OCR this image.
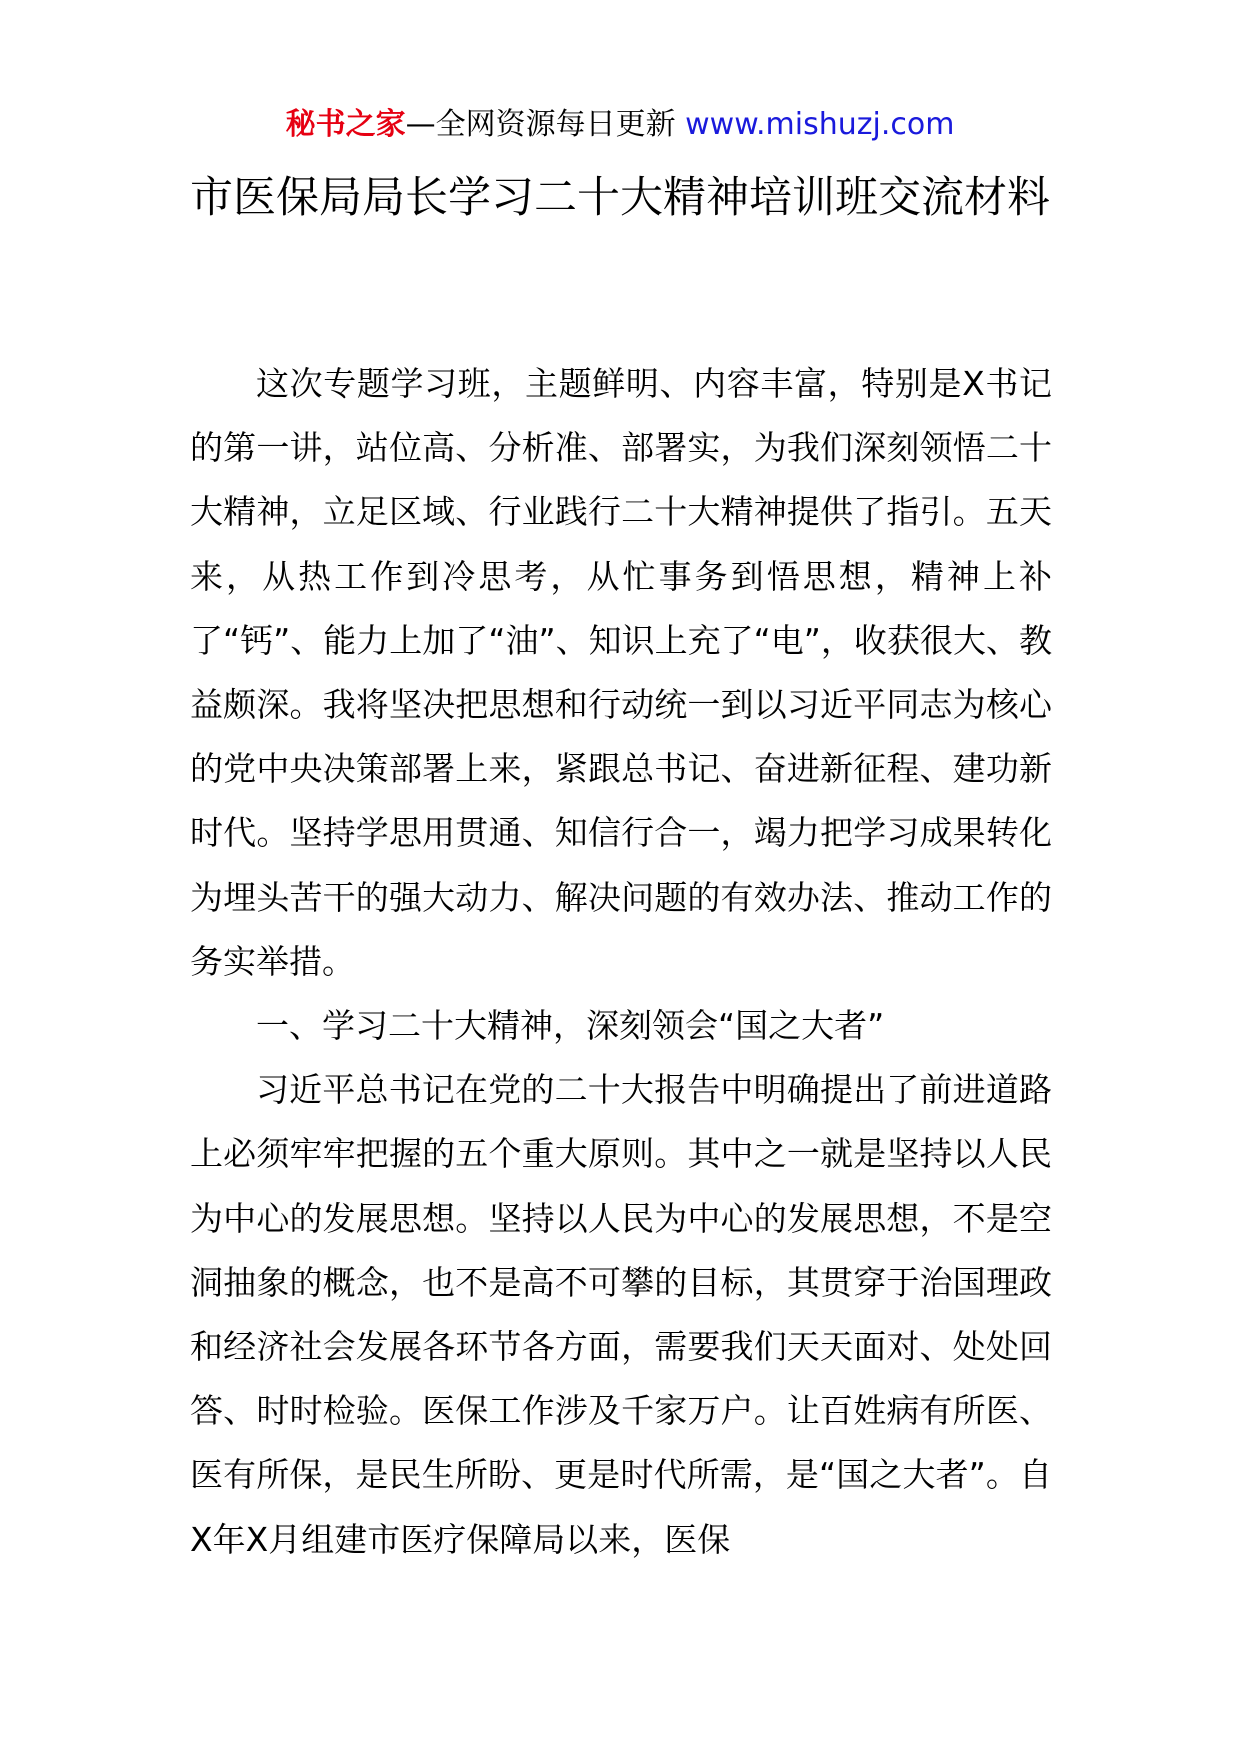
秘书之家—全网资源每日更新 www.mishuzj.com
市医保局局长学习二十大精神培训班交流材料

这次专题学习班，主题鲜明、内容丰富，特别是X书记的第一讲，站位高、分析准、部署实，为我们深刻领悟二十大精神，立足区域、行业践行二十大精神提供了指引。五天来，从热工作到冷思考，从忙事务到悟思想，精神上补了“钙”、能力上加了“油”、知识上充了“电”，收获很大、教益颇深。我将坚决把思想和行动统一到以习近平同志为核心的党中央决策部署上来，紧跟总书记、奋进新征程、建功新时代。坚持学思用贯通、知信行合一，竭力把学习成果转化为埋头苦干的强大动力、解决问题的有效办法、推动工作的务实举措。

一、学习二十大精神，深刻领会“国之大者”

习近平总书记在党的二十大报告中明确提出了前进道路上必须牢牢把握的五个重大原则。其中之一就是坚持以人民为中心的发展思想。坚持以人民为中心的发展思想，不是空洞抽象的概念，也不是高不可攀的目标，其贯穿于治国理政和经济社会发展各环节各方面，需要我们天天面对、处处回答、时时检验。医保工作涉及千家万户。让百姓病有所医、医有所保，是民生所盼、更是时代所需，是“国之大者”。自X年X月组建市医疗保障局以来，医保
